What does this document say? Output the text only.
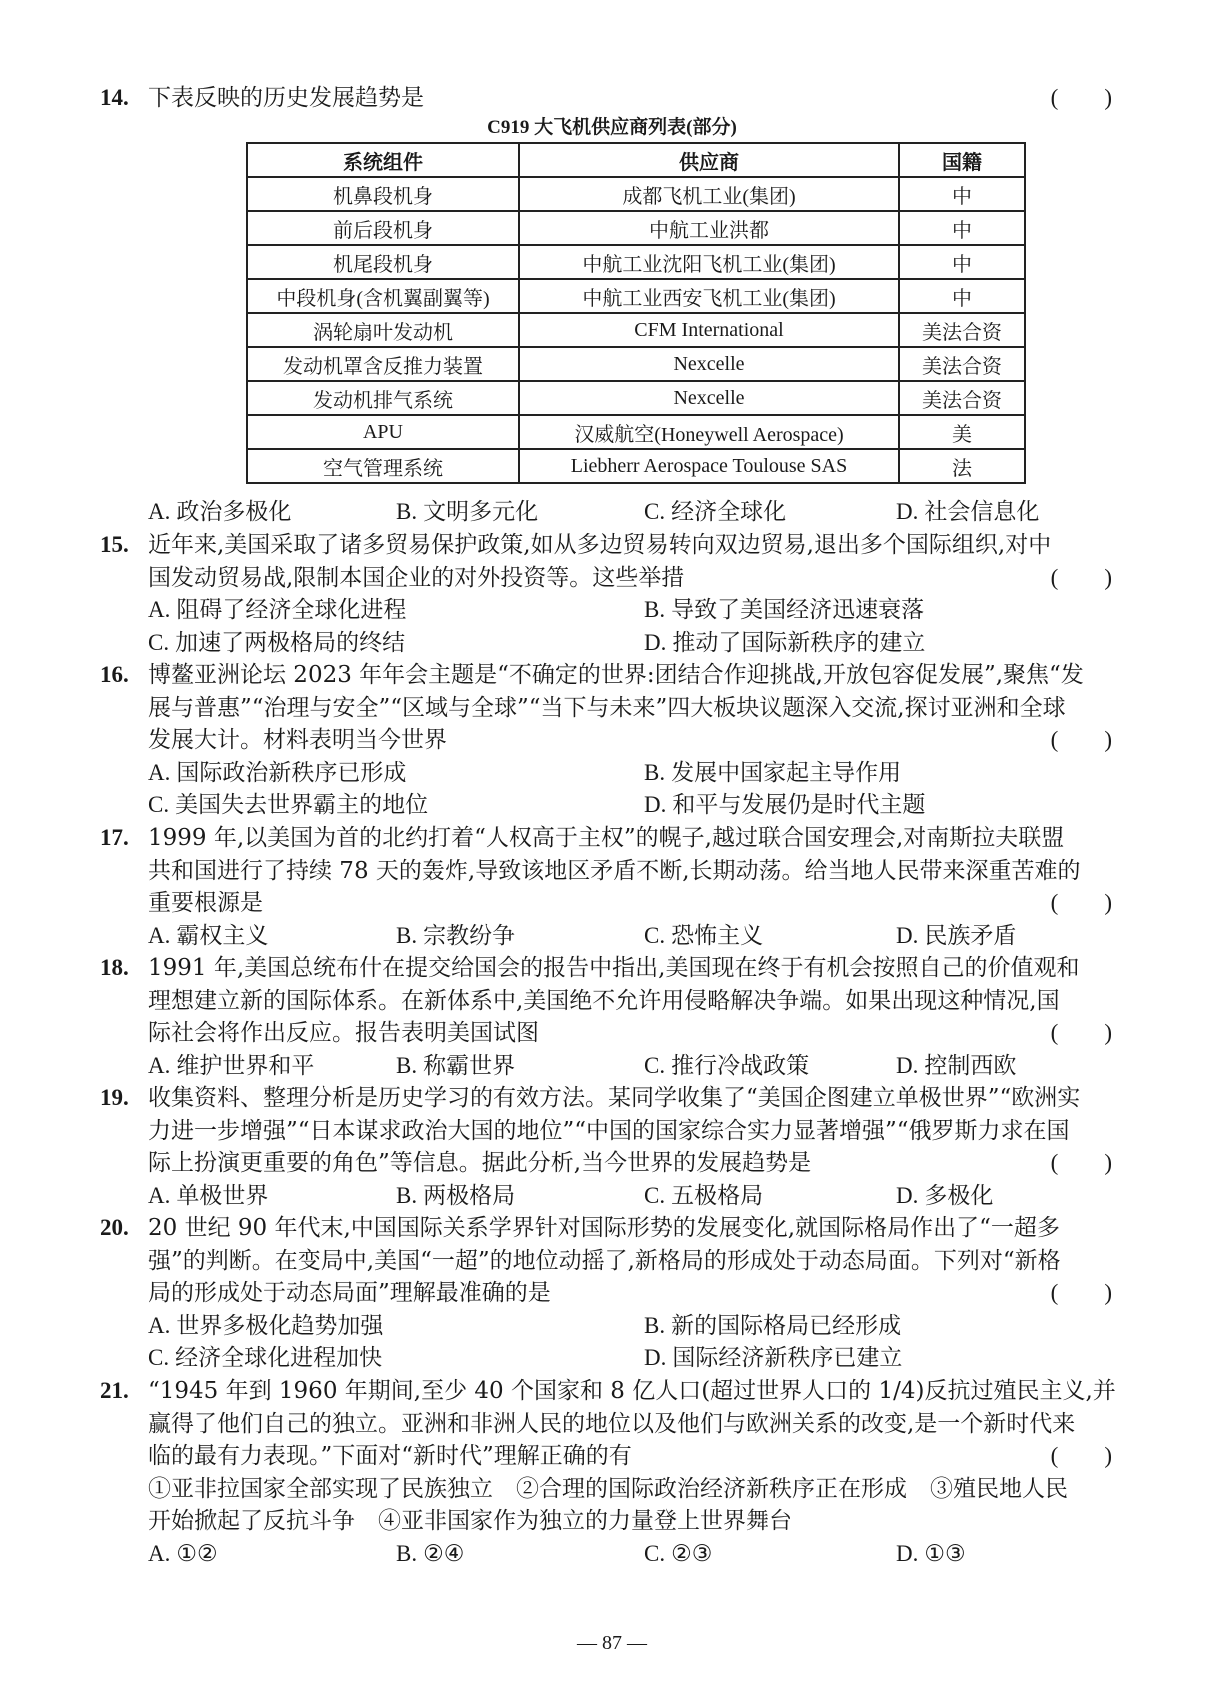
14. 下表反映的历史发展趋势是	(　　)
C919 大飞机供应商列表(部分)
系统组件	供应商	国籍
机鼻段机身	成都飞机工业(集团)	中
前后段机身	中航工业洪都	中
机尾段机身	中航工业沈阳飞机工业(集团)	中
中段机身(含机翼副翼等)	中航工业西安飞机工业(集团)	中
涡轮扇叶发动机	CFM International	美法合资
发动机罩含反推力装置	Nexcelle	美法合资
发动机排气系统	Nexcelle	美法合资
APU	汉威航空(Honeywell Aerospace)	美
空气管理系统	Liebherr Aerospace Toulouse SAS	法
A. 政治多极化	B. 文明多元化	C. 经济全球化	D. 社会信息化
15. 近年来,美国采取了诸多贸易保护政策,如从多边贸易转向双边贸易,退出多个国际组织,对中
国发动贸易战,限制本国企业的对外投资等。这些举措	(　　)
A. 阻碍了经济全球化进程	B. 导致了美国经济迅速衰落
C. 加速了两极格局的终结	D. 推动了国际新秩序的建立
16. 博鳌亚洲论坛 2023 年年会主题是“不确定的世界:团结合作迎挑战,开放包容促发展”,聚焦“发
展与普惠”“治理与安全”“区域与全球”“当下与未来”四大板块议题深入交流,探讨亚洲和全球
发展大计。材料表明当今世界	(　　)
A. 国际政治新秩序已形成	B. 发展中国家起主导作用
C. 美国失去世界霸主的地位	D. 和平与发展仍是时代主题
17. 1999 年,以美国为首的北约打着“人权高于主权”的幌子,越过联合国安理会,对南斯拉夫联盟
共和国进行了持续 78 天的轰炸,导致该地区矛盾不断,长期动荡。给当地人民带来深重苦难的
重要根源是	(　　)
A. 霸权主义	B. 宗教纷争	C. 恐怖主义	D. 民族矛盾
18. 1991 年,美国总统布什在提交给国会的报告中指出,美国现在终于有机会按照自己的价值观和
理想建立新的国际体系。在新体系中,美国绝不允许用侵略解决争端。如果出现这种情况,国
际社会将作出反应。报告表明美国试图	(　　)
A. 维护世界和平	B. 称霸世界	C. 推行冷战政策	D. 控制西欧
19. 收集资料、整理分析是历史学习的有效方法。某同学收集了“美国企图建立单极世界”“欧洲实
力进一步增强”“日本谋求政治大国的地位”“中国的国家综合实力显著增强”“俄罗斯力求在国
际上扮演更重要的角色”等信息。据此分析,当今世界的发展趋势是	(　　)
A. 单极世界	B. 两极格局	C. 五极格局	D. 多极化
20. 20 世纪 90 年代末,中国国际关系学界针对国际形势的发展变化,就国际格局作出了“一超多
强”的判断。在变局中,美国“一超”的地位动摇了,新格局的形成处于动态局面。下列对“新格
局的形成处于动态局面”理解最准确的是	(　　)
A. 世界多极化趋势加强	B. 新的国际格局已经形成
C. 经济全球化进程加快	D. 国际经济新秩序已建立
21. “1945 年到 1960 年期间,至少 40 个国家和 8 亿人口(超过世界人口的 1/4)反抗过殖民主义,并
赢得了他们自己的独立。亚洲和非洲人民的地位以及他们与欧洲关系的改变,是一个新时代来
临的最有力表现。”下面对“新时代”理解正确的有	(　　)
①亚非拉国家全部实现了民族独立　②合理的国际政治经济新秩序正在形成　③殖民地人民
开始掀起了反抗斗争　④亚非国家作为独立的力量登上世界舞台
A. ①②	B. ②④	C. ②③	D. ①③
— 87 —
